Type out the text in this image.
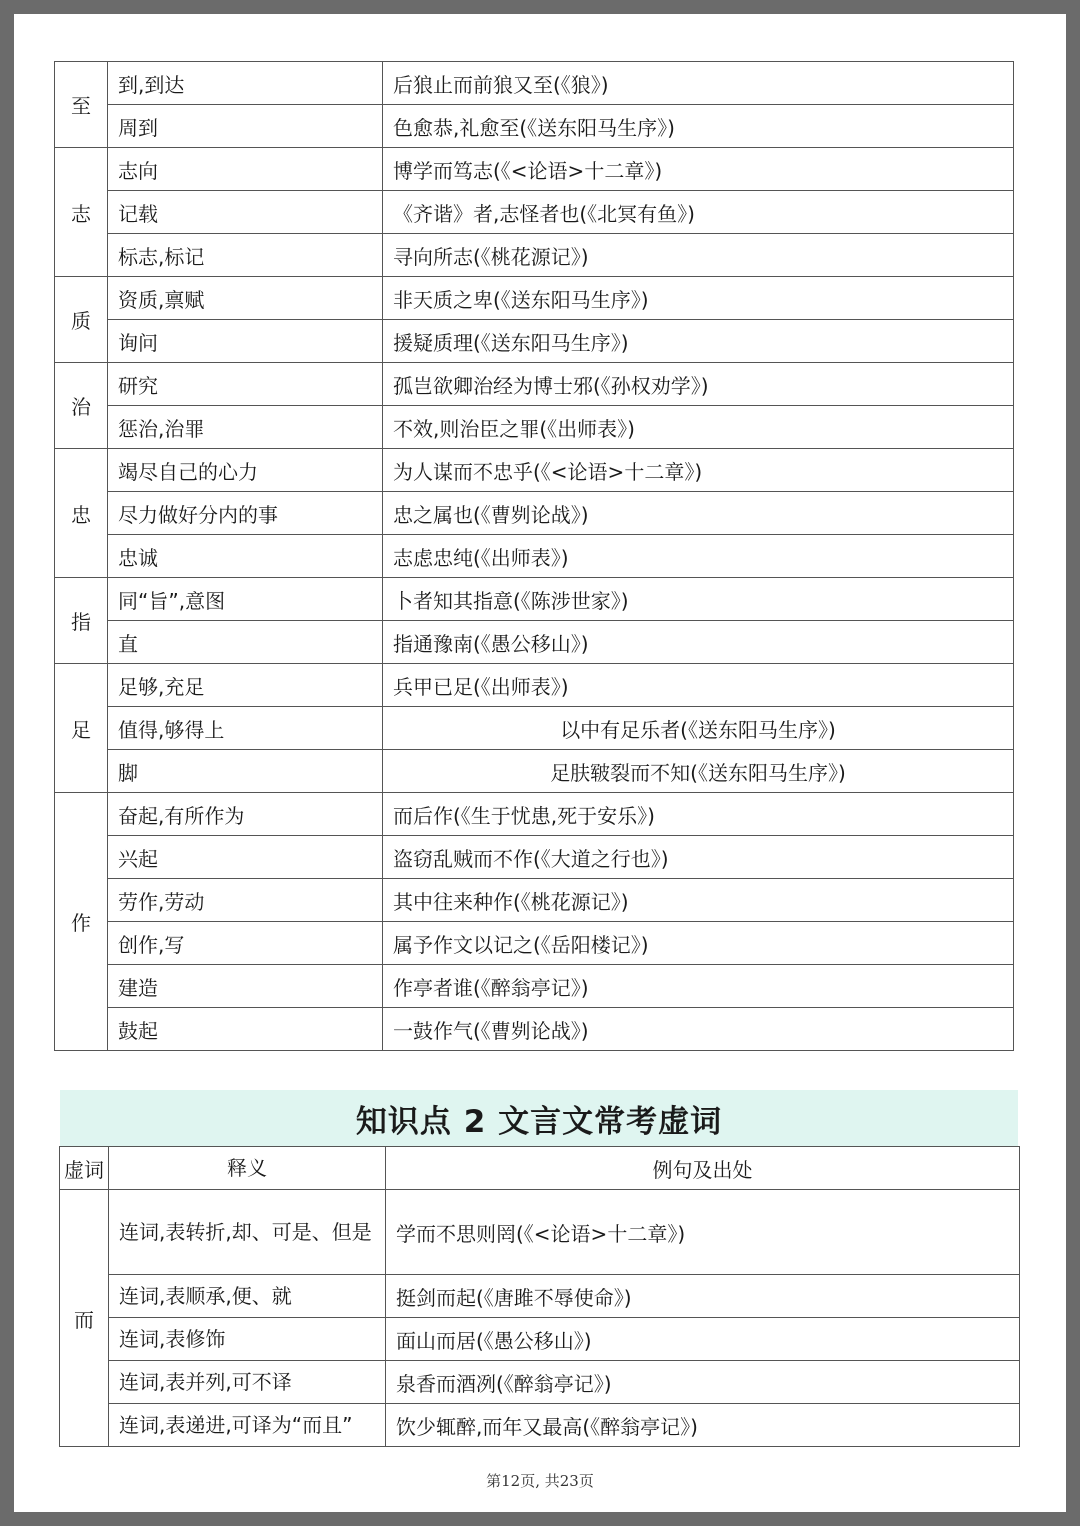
至	到,到达	后狼止而前狼又至(《狼》)
	周到	色愈恭,礼愈至(《送东阳马生序》)
志	志向	博学而笃志(《<论语>十二章》)
	记载	《齐谐》者,志怪者也(《北冥有鱼》)
	标志,标记	寻向所志(《桃花源记》)
质	资质,禀赋	非天质之卑(《送东阳马生序》)
	询问	援疑质理(《送东阳马生序》)
治	研究	孤岂欲卿治经为博士邪(《孙权劝学》)
	惩治,治罪	不效,则治臣之罪(《出师表》)
忠	竭尽自己的心力	为人谋而不忠乎(《<论语>十二章》)
	尽力做好分内的事	忠之属也(《曹刿论战》)
	忠诚	志虑忠纯(《出师表》)
指	同“旨”,意图	卜者知其指意(《陈涉世家》)
	直	指通豫南(《愚公移山》)
足	足够,充足	兵甲已足(《出师表》)
	值得,够得上	以中有足乐者(《送东阳马生序》)
	脚	足肤皲裂而不知(《送东阳马生序》)
作	奋起,有所作为	而后作(《生于忧患,死于安乐》)
	兴起	盗窃乱贼而不作(《大道之行也》)
	劳作,劳动	其中往来种作(《桃花源记》)
	创作,写	属予作文以记之(《岳阳楼记》)
	建造	作亭者谁(《醉翁亭记》)
	鼓起	一鼓作气(《曹刿论战》)
知识点 2 文言文常考虚词
虚词	释义	例句及出处
而	连词,表转折,却、可是、但是	学而不思则罔(《<论语>十二章》)
	连词,表顺承,便、就	挺剑而起(《唐雎不辱使命》)
	连词,表修饰	面山而居(《愚公移山》)
	连词,表并列,可不译	泉香而酒冽(《醉翁亭记》)
	连词,表递进,可译为“而且”	饮少辄醉,而年又最高(《醉翁亭记》)
第12页, 共23页
